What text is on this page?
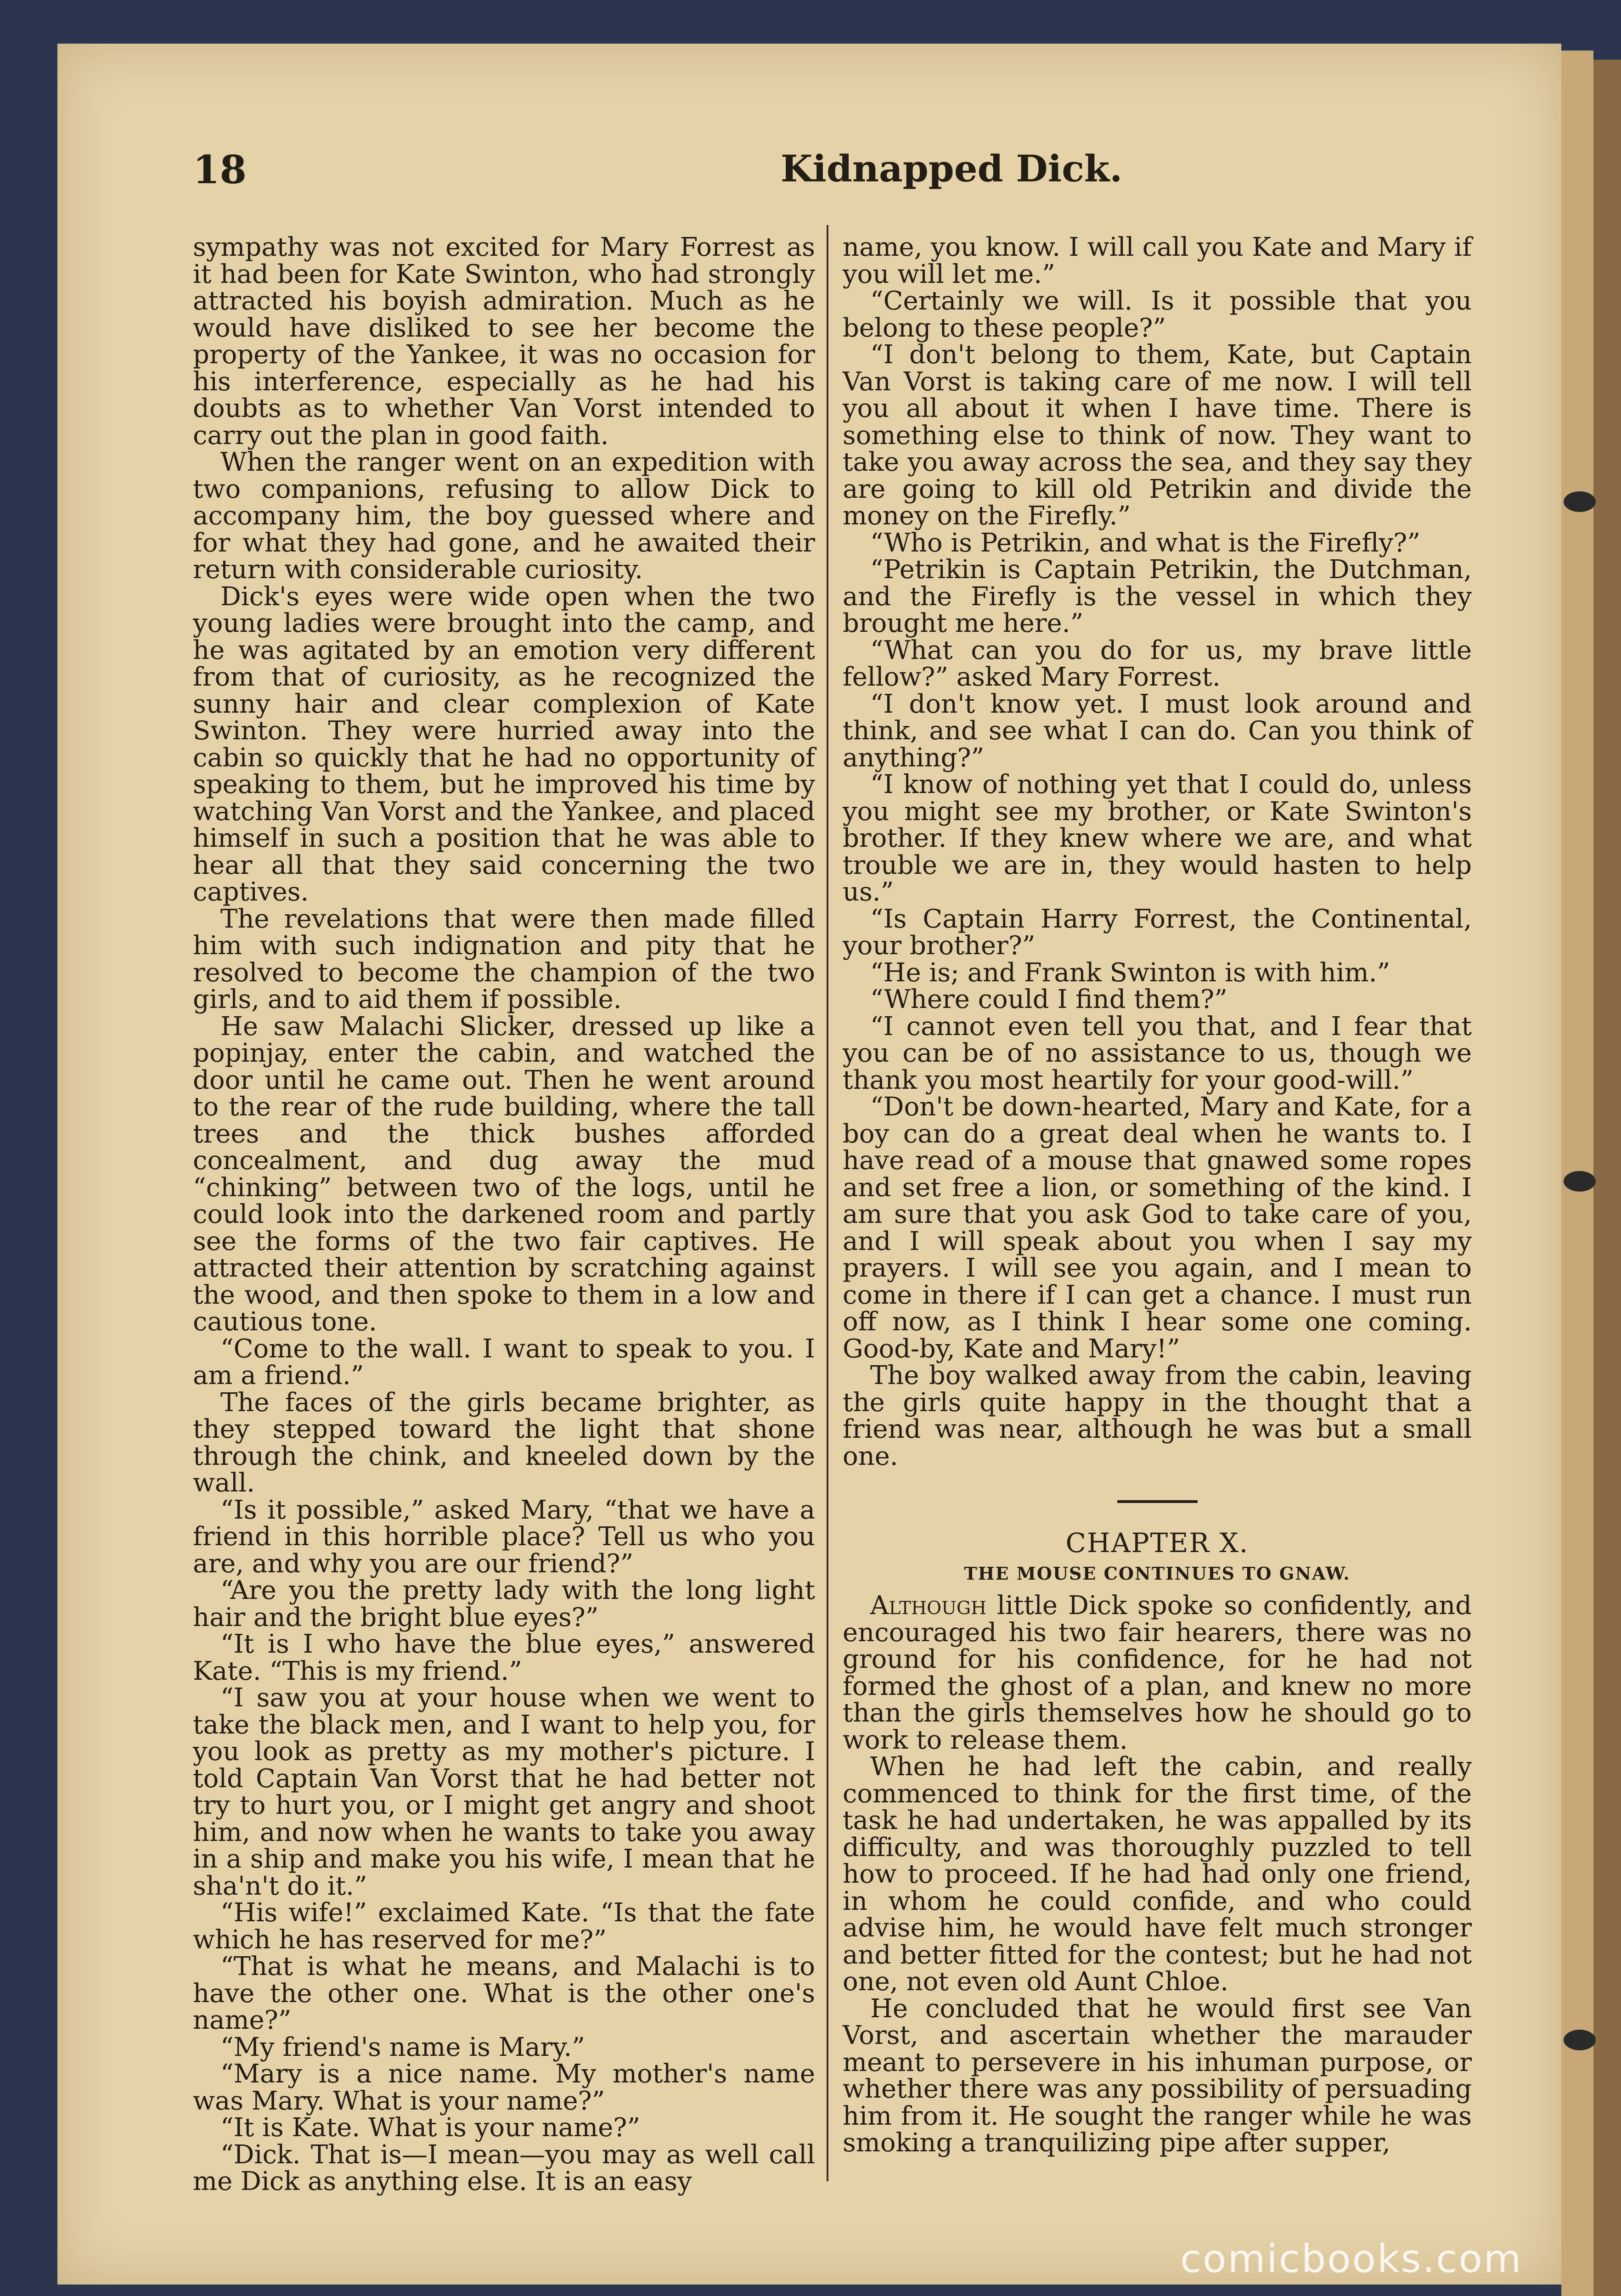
18	Kidnapped Dick.

sympathy was not excited for Mary Forrest as it had been for Kate Swinton, who had strongly attracted his boyish admiration. Much as he would have disliked to see her become the property of the Yankee, it was no occasion for his interference, especially as he had his doubts as to whether Van Vorst intended to carry out the plan in good faith.

When the ranger went on an expedition with two companions, refusing to allow Dick to accompany him, the boy guessed where and for what they had gone, and he awaited their return with considerable curiosity.

Dick's eyes were wide open when the two young ladies were brought into the camp, and he was agitated by an emotion very different from that of curiosity, as he recognized the sunny hair and clear complexion of Kate Swinton. They were hurried away into the cabin so quickly that he had no opportunity of speaking to them, but he improved his time by watching Van Vorst and the Yankee, and placed himself in such a position that he was able to hear all that they said concerning the two captives.

The revelations that were then made filled him with such indignation and pity that he resolved to become the champion of the two girls, and to aid them if possible.

He saw Malachi Slicker, dressed up like a popinjay, enter the cabin, and watched the door until he came out. Then he went around to the rear of the rude building, where the tall trees and the thick bushes afforded concealment, and dug away the mud “chinking” between two of the logs, until he could look into the darkened room and partly see the forms of the two fair captives. He attracted their attention by scratching against the wood, and then spoke to them in a low and cautious tone.

“Come to the wall. I want to speak to you. I am a friend.”

The faces of the girls became brighter, as they stepped toward the light that shone through the chink, and kneeled down by the wall.

“Is it possible,” asked Mary, “that we have a friend in this horrible place? Tell us who you are, and why you are our friend?”

“Are you the pretty lady with the long light hair and the bright blue eyes?”

“It is I who have the blue eyes,” answered Kate. “This is my friend.”

“I saw you at your house when we went to take the black men, and I want to help you, for you look as pretty as my mother's picture. I told Captain Van Vorst that he had better not try to hurt you, or I might get angry and shoot him, and now when he wants to take you away in a ship and make you his wife, I mean that he sha'n't do it.”

“His wife!” exclaimed Kate. “Is that the fate which he has reserved for me?”

“That is what he means, and Malachi is to have the other one. What is the other one's name?”

“My friend's name is Mary.”

“Mary is a nice name. My mother's name was Mary. What is your name?”

“It is Kate. What is your name?”

“Dick. That is—I mean—you may as well call me Dick as anything else. It is an easy

name, you know. I will call you Kate and Mary if you will let me.”

“Certainly we will. Is it possible that you belong to these people?”

“I don't belong to them, Kate, but Captain Van Vorst is taking care of me now. I will tell you all about it when I have time. There is something else to think of now. They want to take you away across the sea, and they say they are going to kill old Petrikin and divide the money on the Firefly.”

“Who is Petrikin, and what is the Firefly?”

“Petrikin is Captain Petrikin, the Dutchman, and the Firefly is the vessel in which they brought me here.”

“What can you do for us, my brave little fellow?” asked Mary Forrest.

“I don't know yet. I must look around and think, and see what I can do. Can you think of anything?”

“I know of nothing yet that I could do, unless you might see my brother, or Kate Swinton's brother. If they knew where we are, and what trouble we are in, they would hasten to help us.”

“Is Captain Harry Forrest, the Continental, your brother?”

“He is; and Frank Swinton is with him.”

“Where could I find them?”

“I cannot even tell you that, and I fear that you can be of no assistance to us, though we thank you most heartily for your good-will.”

“Don't be down-hearted, Mary and Kate, for a boy can do a great deal when he wants to. I have read of a mouse that gnawed some ropes and set free a lion, or something of the kind. I am sure that you ask God to take care of you, and I will speak about you when I say my prayers. I will see you again, and I mean to come in there if I can get a chance. I must run off now, as I think I hear some one coming. Good-by, Kate and Mary!”

The boy walked away from the cabin, leaving the girls quite happy in the thought that a friend was near, although he was but a small one.

CHAPTER X.
THE MOUSE CONTINUES TO GNAW.

Although little Dick spoke so confidently, and encouraged his two fair hearers, there was no ground for his confidence, for he had not formed the ghost of a plan, and knew no more than the girls themselves how he should go to work to release them.

When he had left the cabin, and really commenced to think for the first time, of the task he had undertaken, he was appalled by its difficulty, and was thoroughly puzzled to tell how to proceed. If he had had only one friend, in whom he could confide, and who could advise him, he would have felt much stronger and better fitted for the contest; but he had not one, not even old Aunt Chloe.

He concluded that he would first see Van Vorst, and ascertain whether the marauder meant to persevere in his inhuman purpose, or whether there was any possibility of persuading him from it. He sought the ranger while he was smoking a tranquilizing pipe after supper,

comicbooks.com
